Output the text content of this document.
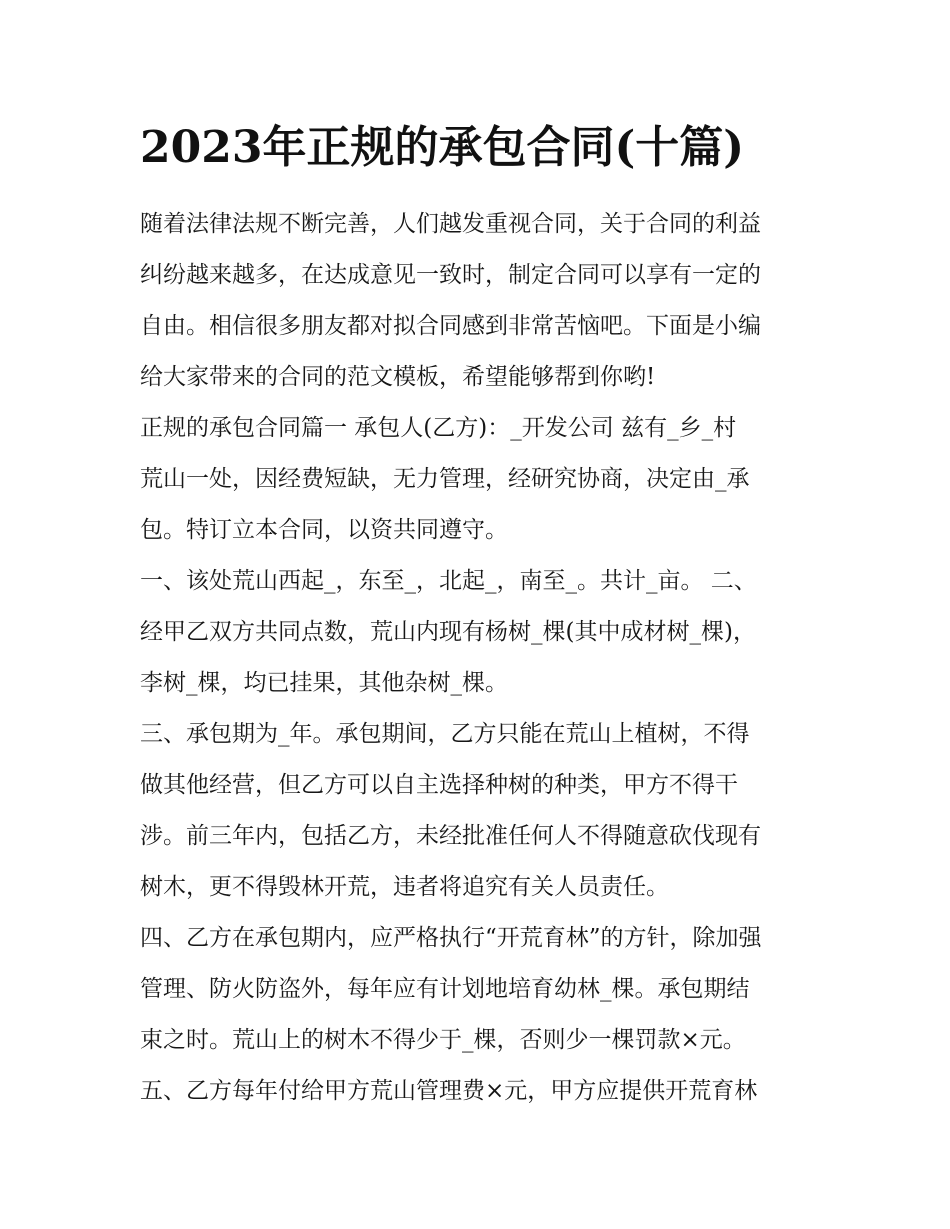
2023年正规的承包合同(十篇)
随着法律法规不断完善，人们越发重视合同，关于合同的利益
纠纷越来越多，在达成意见一致时，制定合同可以享有一定的
自由。相信很多朋友都对拟合同感到非常苦恼吧。下面是小编
给大家带来的合同的范文模板，希望能够帮到你哟!
正规的承包合同篇一 承包人(乙方)：_开发公司 兹有_乡_村
荒山一处，因经费短缺，无力管理，经研究协商，决定由_承
包。特订立本合同，以资共同遵守。
一、该处荒山西起_，东至_，北起_，南至_。共计_亩。 二、
经甲乙双方共同点数，荒山内现有杨树_棵(其中成材树_棵)，
李树_棵，均已挂果，其他杂树_棵。
三、承包期为_年。承包期间，乙方只能在荒山上植树，不得
做其他经营，但乙方可以自主选择种树的种类，甲方不得干
涉。前三年内，包括乙方，未经批准任何人不得随意砍伐现有
树木，更不得毁林开荒，违者将追究有关人员责任。
四、乙方在承包期内，应严格执行“开荒育林”的方针，除加强
管理、防火防盗外，每年应有计划地培育幼林_棵。承包期结
束之时。荒山上的树木不得少于_棵，否则少一棵罚款×元。
五、乙方每年付给甲方荒山管理费×元，甲方应提供开荒育林
